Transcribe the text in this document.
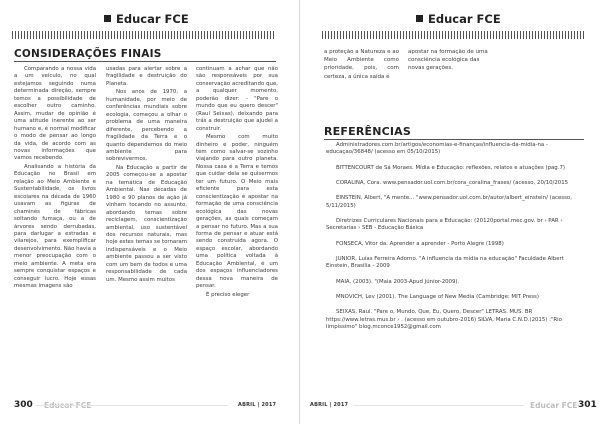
Educar FCE
CONSIDERAÇÕES FINAIS

Comparando a nossa vida a um veículo, no qual estejamos seguindo numa determinada direção, sempre temos a possibilidade de escolher outro caminho. Assim, mudar de opinião é uma atitude inerente ao ser humano e, é normal modificar o modo de pensar ao longo da vida, de acordo com as novas informações que vamos recebendo.

Analisando a história da Educação no Brasil em relação ao Meio Ambiente e Sustentabilidade, os livros escolares na década de 1960 usavam as figuras de chaminés de fábricas soltando fumaça, ou a de árvores sendo derrubadas, para darlugar a estradas e vilarejos, para exemplificar desenvolvimento. Não havia a menor preocupação com o meio ambiente. A meta era sempre conquistar espaços e conseguir lucro. Hoje essas mesmas imagens são

usadas para alertar sobre a fragilidade e destruição do Planeta.

Nos anos de 1970, a humanidade, por meio de conferências mundiais sobre ecologia, começou a olhar o problema de uma maneira diferente, percebendo a fragilidade da Terra e o quanto dependemos do meio ambiente para sobrevivermos.

Na Educação a partir de 2005 começou-se a apostar na temática de Educação Ambiental. Nas décadas de 1980 e 90 planos de ação já vinham tocando no assunto, abordando temas sobre reciclagem, conscientização ambiental, uso sustentável dos recursos naturais, mas hoje estes temas se tornaram indispensáveis e o Meio ambiente passou a ser visto com um bem de todos e uma responsabilidade de cada um. Mesmo assim muitos

continuam a achar que não são responsáveis por sua conservação acreditando que, a qualquer momento, poderão dizer: - "Pare o mundo que eu quero descer" (Raul Seixas), deixando para trás a destruição que ajudei a construir.

Mesmo com muito dinheiro e poder, ninguém tem como salvar-se sozinho viajando para outro planeta. Nossa casa é a Terra e temos que cuidar dela se quisermos ter um futuro. O Meio mais eficiente para esta conscientização é apostar na formação de uma consciência ecológica das novas gerações, as quais começam a pensar no futuro. Mas a sua forma de pensar e atuar está sendo construída agora. O espaço escolar, abordando uma política voltada à Educação Ambiental, é um dos espaços influenciadores dessa nova maneira de pensar.

É preciso eleger

300	ABRIL | 2017
Educar FCE

a proteção a Natureza e ao Meio Ambiente como prioridade, pois, com certeza, a única saída é

apostar na formação de uma consciência ecológica das novas gerações.

REFERÊNCIAS

Administradores.com.br/artigos/economias-e-finanças/influencia-da-midia-na -educaçao/36848/ (acesso em 05/10/2015)

BITTENCOURT de Sá Moraes. Mídia e Educação: reflexões, relatos e atuações (pag.7)

CORALINA, Cora. www.pensador.uol.com.br/cora_coralina_frases/ (acesso, 20/10/2015

EINSTEIN, Albert, "A mente... "www.pensador.uol.com.br/autor/albert_einstein/ (acesso, 5/11/2015)

Diretrizes Curriculares Nacionais para a Educação: (20120portal.mec.gov. br › PAR › Secretarias › SEB - Educação Básica

FONSECA, Vitor da. Aprender a aprender - Porto Alegre (1998)

JUNIOR, Luías Ferreira Adorno. "A influencia da mídia na educação" Faculdade Albert Einstein, Brasília - 2009

MAIA, (2003). "(Maia 2003-Apud Júnior-2009).

MNOVICH, Lev (2001). The Language of New Media (Cambridge: MIT Press)

SEIXAS, Raul. "Pare o, Mundo, Que, Eu, Quero, Descer" LETRAS. MUS. BR https://www.letras.mus.br › . (acesso em outubro-2016) SILVA, Maria C.N.D.(2015) :"Rio limpíssimo" blog.mconce1952@gmail.com

ABRIL | 2017	Educar FCE 301
